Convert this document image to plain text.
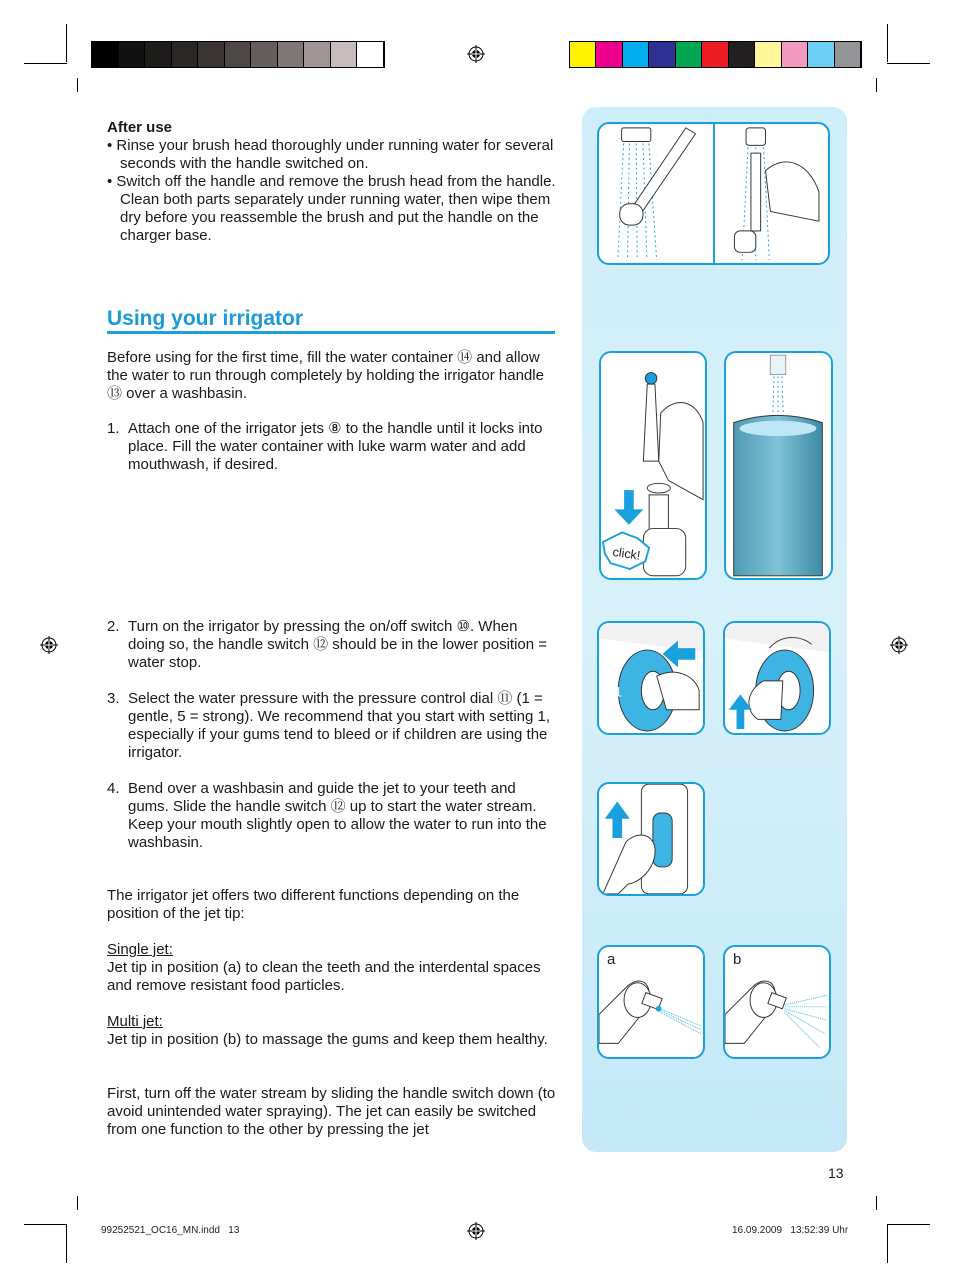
After use

• Rinse your brush head thoroughly under running water for several seconds with the handle switched on.

• Switch off the handle and remove the brush head from the handle. Clean both parts separately under running water, then wipe them dry before you reassemble the brush and put the handle on the charger base.

Using your irrigator

Before using for the first time, fill the water container ⑭ and allow the water to run through completely by holding the irrigator handle ⑬ over a washbasin.

1. Attach one of the irrigator jets ⑧ to the handle until it locks into place. Fill the water container with luke warm water and add mouthwash, if desired.
2. Turn on the irrigator by pressing the on/off switch ⑩. When doing so, the handle switch ⑫ should be in the lower position = water stop.
3. Select the water pressure with the pressure control dial ⑪ (1 = gentle, 5 = strong). We recommend that you start with setting 1, especially if your gums tend to bleed or if children are using the irrigator.
4. Bend over a washbasin and guide the jet to your teeth and gums. Slide the handle switch ⑫ up to start the water stream. Keep your mouth slightly open to allow the water to run into the washbasin.

The irrigator jet offers two different functions depending on the position of the jet tip:

Single jet:

Jet tip in position (a) to clean the teeth and the interdental spaces and remove resistant food particles.

Multi jet:

Jet tip in position (b) to massage the gums and keep them healthy.

First, turn off the water stream by sliding the handle switch down (to avoid unintended water spraying). The jet can easily be switched from one function to the other by pressing the jet

click!
1	2
a	b
13
99252521_OC16_MN.indd   13	16.09.2009   13:52:39 Uhr
